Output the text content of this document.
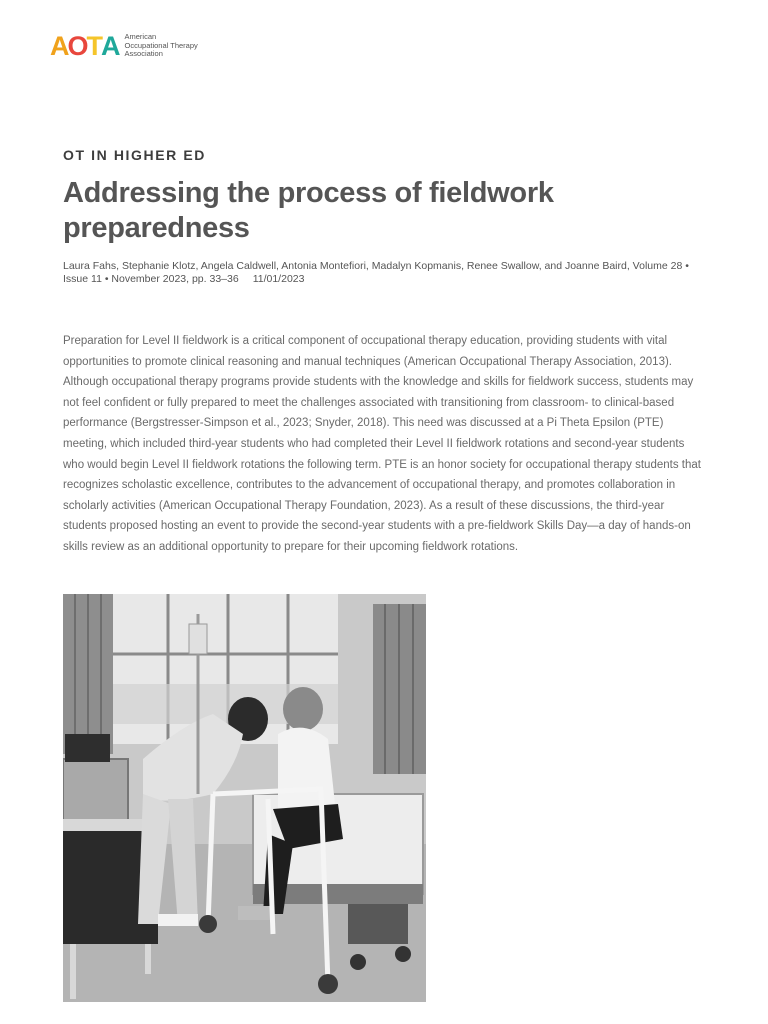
A O T A American
Occupational Therapy
Association
OT IN HIGHER ED
Addressing the process of fieldwork preparedness
Laura Fahs, Stephanie Klotz, Angela Caldwell, Antonia Montefiori, Madalyn Kopmanis, Renee Swallow, and Joanne Baird, Volume 28 • Issue 11 • November 2023, pp. 33–36 11/01/2023

Preparation for Level II fieldwork is a critical component of occupational therapy education, providing students with vital opportunities to promote clinical reasoning and manual techniques (American Occupational Therapy Association, 2013). Although occupational therapy programs provide students with the knowledge and skills for fieldwork success, students may not feel confident or fully prepared to meet the challenges associated with transitioning from classroom- to clinical-based performance (Bergstresser-Simpson et al., 2023; Snyder, 2018). This need was discussed at a Pi Theta Epsilon (PTE) meeting, which included third-year students who had completed their Level II fieldwork rotations and second-year students who would begin Level II fieldwork rotations the following term. PTE is an honor society for occupational therapy students that recognizes scholastic excellence, contributes to the advancement of occupational therapy, and promotes collaboration in scholarly activities (American Occupational Therapy Foundation, 2023). As a result of these discussions, the third-year students proposed hosting an event to provide the second-year students with a pre-fieldwork Skills Day—a day of hands-on skills review as an additional opportunity to prepare for their upcoming fieldwork rotations.
